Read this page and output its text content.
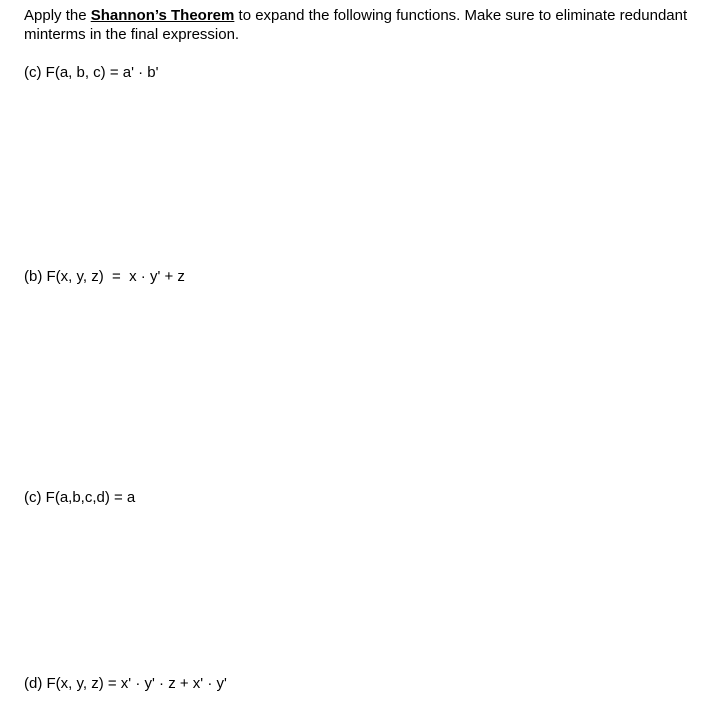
Apply the Shannon’s Theorem to expand the following functions. Make sure to eliminate redundant minterms in the final expression.
(c) F(a, b, c) = a' · b'
(b) F(x, y, z)  =  x · y' + z
(c) F(a,b,c,d) = a
(d) F(x, y, z) = x' · y' · z + x' · y'
